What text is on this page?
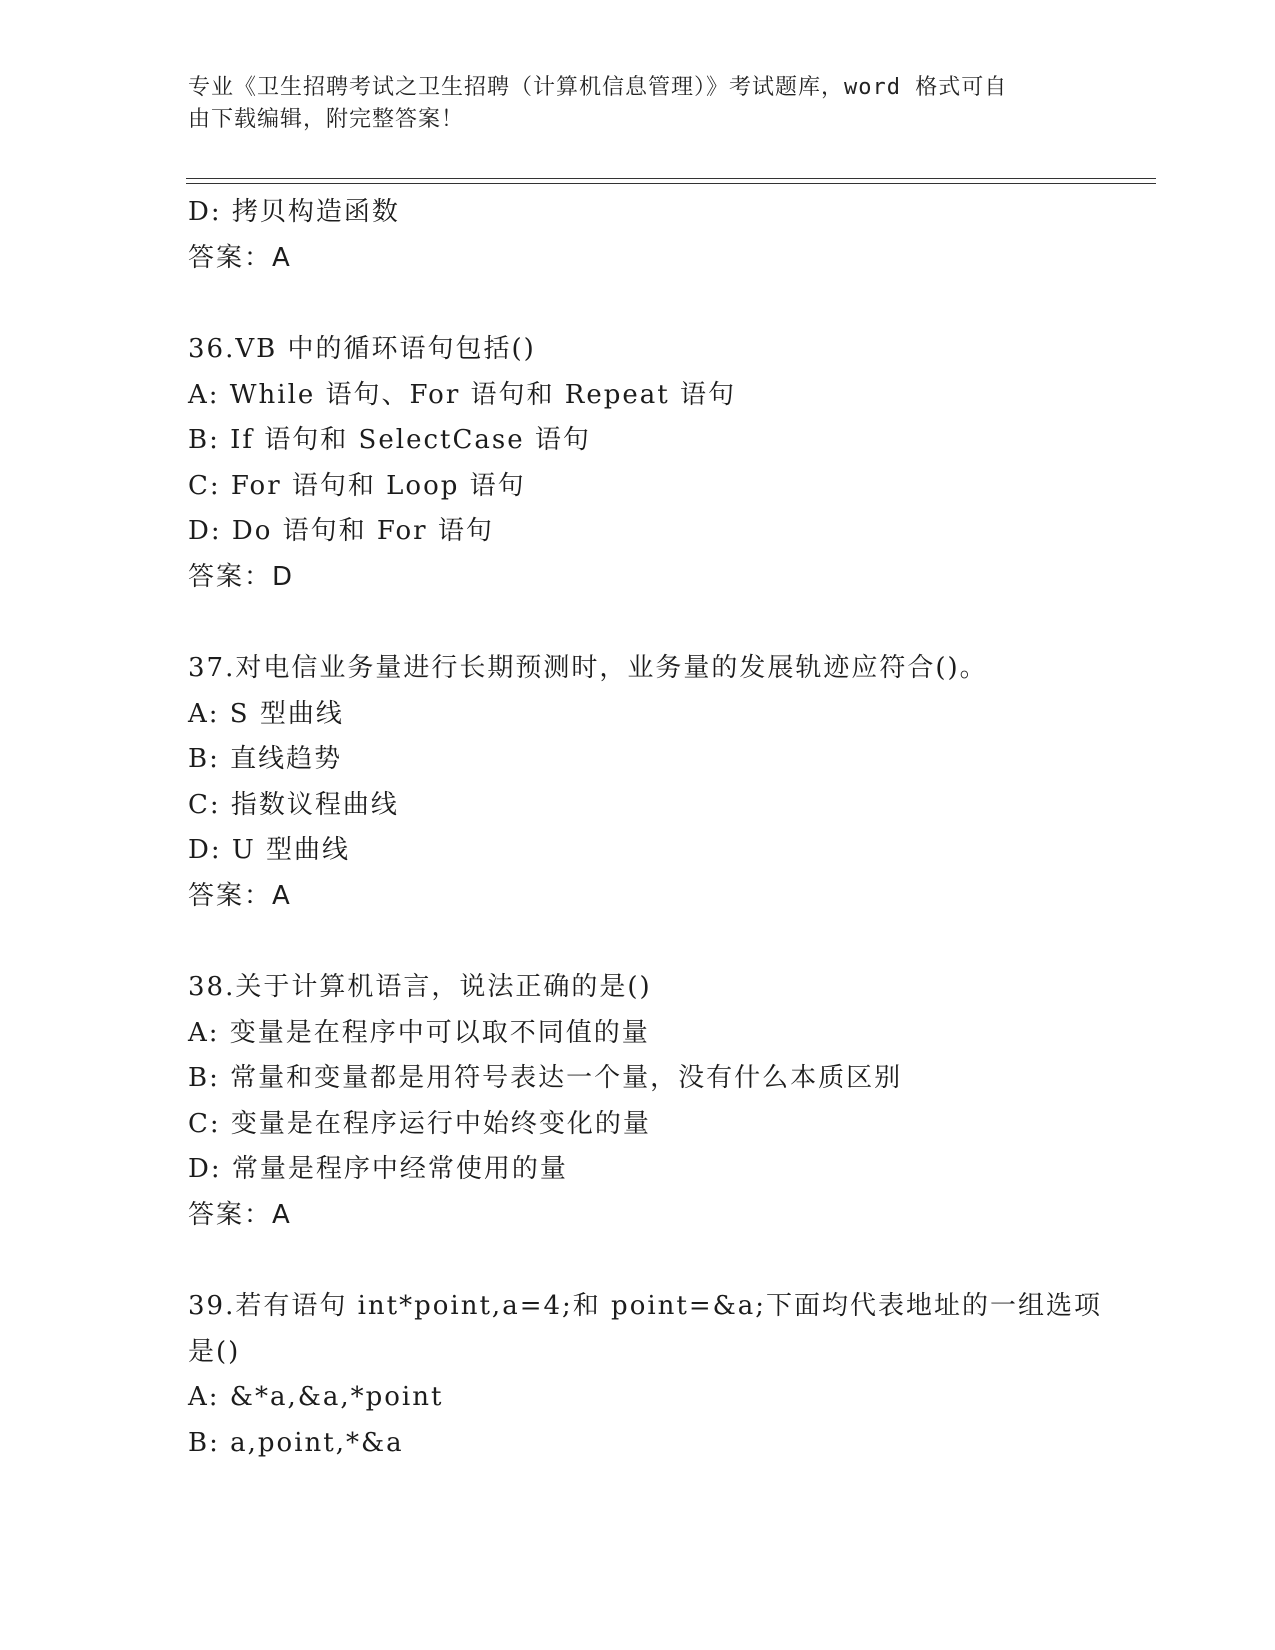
专业《卫生招聘考试之卫生招聘（计算机信息管理）》考试题库，word 格式可自
由下载编辑，附完整答案！
D: 拷贝构造函数
答案：A
36.VB 中的循环语句包括()
A: While 语句、For 语句和 Repeat 语句
B: If 语句和 SelectCase 语句
C: For 语句和 Loop 语句
D: Do 语句和 For 语句
答案：D
37.对电信业务量进行长期预测时，业务量的发展轨迹应符合()。
A: S 型曲线
B: 直线趋势
C: 指数议程曲线
D: U 型曲线
答案：A
38.关于计算机语言，说法正确的是()
A: 变量是在程序中可以取不同值的量
B: 常量和变量都是用符号表达一个量，没有什么本质区别
C: 变量是在程序运行中始终变化的量
D: 常量是程序中经常使用的量
答案：A
39.若有语句 int*point,a=4;和 point=&a;下面均代表地址的一组选项
是()
A: &*a,&a,*point
B: a,point,*&a
